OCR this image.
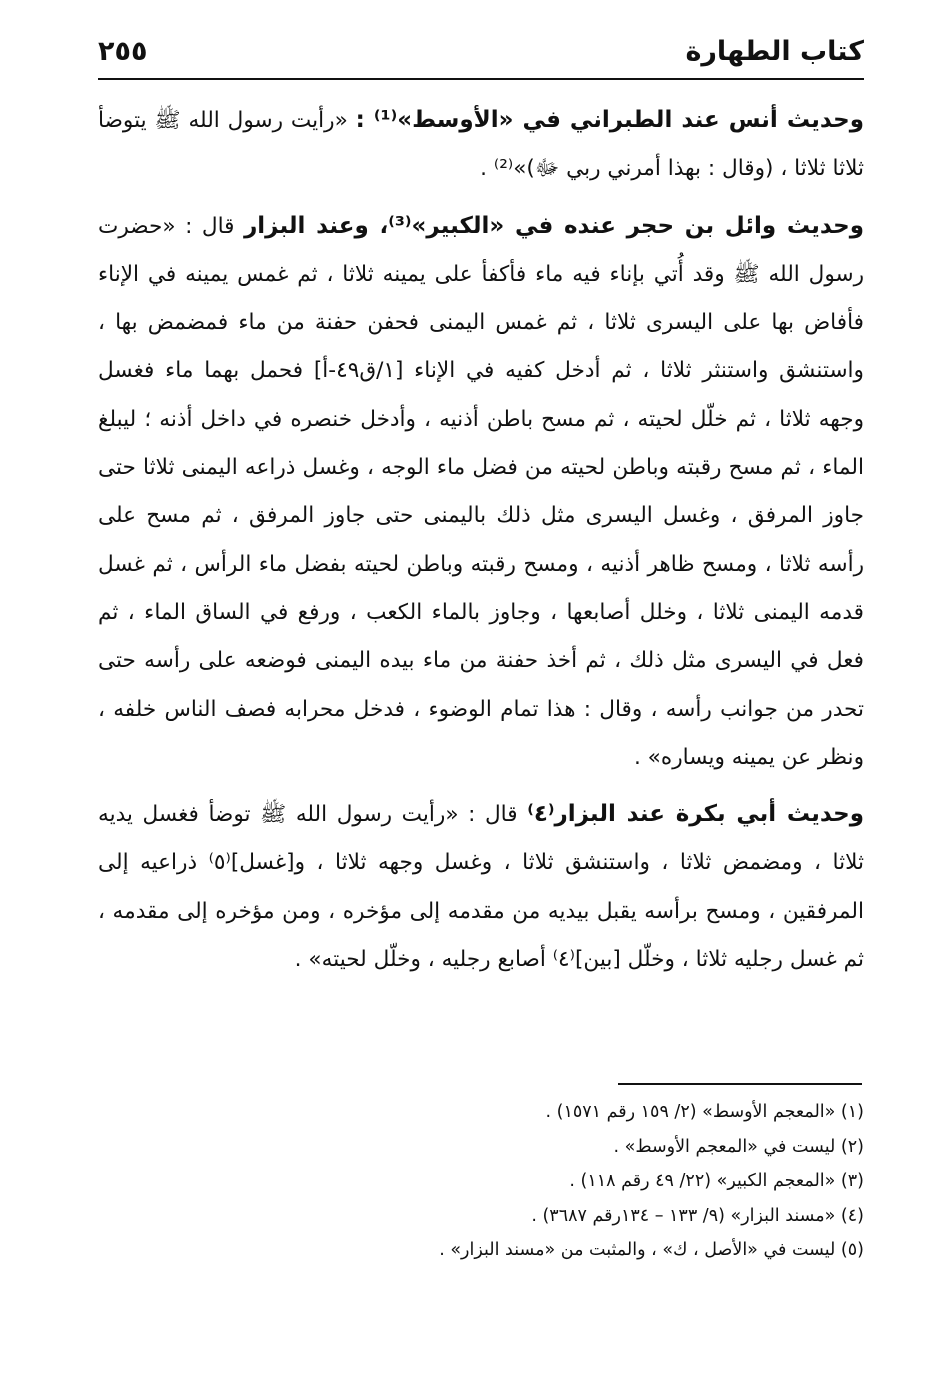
كتاب الطهارة
٢٥٥

وحديث أنس عند الطبراني في «الأوسط»⁽¹⁾ : «رأيت رسول الله ﷺ يتوضأ ثلاثا ثلاثا ، (وقال : بهذا أمرني ربي ﷻ)»⁽²⁾ .

وحديث وائل بن حجر عنده في «الكبير»⁽³⁾، وعند البزار قال : «حضرت رسول الله ﷺ وقد أُتي بإناء فيه ماء فأكفأ على يمينه ثلاثا ، ثم غمس يمينه في الإناء فأفاض بها على اليسرى ثلاثا ، ثم غمس اليمنى فحفن حفنة من ماء فمضمض بها ، واستنشق واستنثر ثلاثا ، ثم أدخل كفيه في الإناء [١/ق٤٩-أ] فحمل بهما ماء فغسل وجهه ثلاثا ، ثم خلّل لحيته ، ثم مسح باطن أذنيه ، وأدخل خنصره في داخل أذنه ؛ ليبلغ الماء ، ثم مسح رقبته وباطن لحيته من فضل ماء الوجه ، وغسل ذراعه اليمنى ثلاثا حتى جاوز المرفق ، وغسل اليسرى مثل ذلك باليمنى حتى جاوز المرفق ، ثم مسح على رأسه ثلاثا ، ومسح ظاهر أذنيه ، ومسح رقبته وباطن لحيته بفضل ماء الرأس ، ثم غسل قدمه اليمنى ثلاثا ، وخلل أصابعها ، وجاوز بالماء الكعب ، ورفع في الساق الماء ، ثم فعل في اليسرى مثل ذلك ، ثم أخذ حفنة من ماء بيده اليمنى فوضعه على رأسه حتى تحدر من جوانب رأسه ، وقال : هذا تمام الوضوء ، فدخل محرابه فصف الناس خلفه ، ونظر عن يمينه ويساره» .

وحديث أبي بكرة عند البزار⁽٤⁾ قال : «رأيت رسول الله ﷺ توضأ فغسل يديه ثلاثا ، ومضمض ثلاثا ، واستنشق ثلاثا ، وغسل وجهه ثلاثا ، و[غسل]⁽٥⁾ ذراعيه إلى المرفقين ، ومسح برأسه يقبل بيديه من مقدمه إلى مؤخره ، ومن مؤخره إلى مقدمه ، ثم غسل رجليه ثلاثا ، وخلّل [بين]⁽٤⁾ أصابع رجليه ، وخلّل لحيته» .

(١) «المعجم الأوسط» (٢/ ١٥٩ رقم ١٥٧١) .

(٢) ليست في «المعجم الأوسط» .

(٣) «المعجم الكبير» (٢٢/ ٤٩ رقم ١١٨) .

(٤) «مسند البزار» (٩/ ١٣٣ – ١٣٤رقم ٣٦٨٧) .

(٥) ليست في «الأصل ، ك» ، والمثبت من «مسند البزار» .
